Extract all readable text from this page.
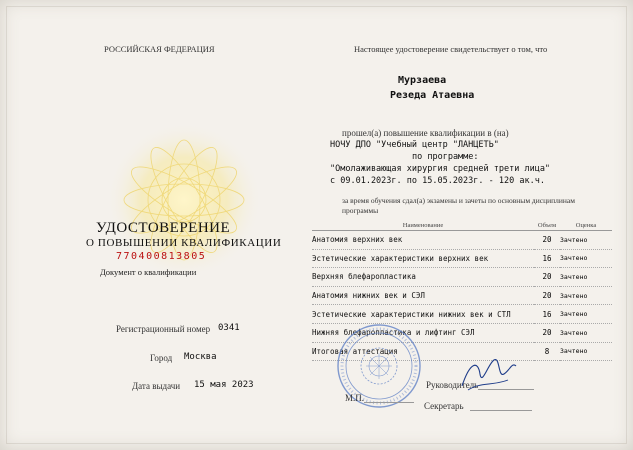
РОССИЙСКАЯ ФЕДЕРАЦИЯ
УДОСТОВЕРЕНИЕ
О ПОВЫШЕНИИ КВАЛИФИКАЦИИ
770400813805
Документ о квалификации
Регистрационный номер 0341
Город Москва
Дата выдачи 15 мая 2023
Настоящее удостоверение свидетельствует о том, что
Мурзаева
Резеда Атаевна
прошел(а) повышение квалификации в (на)
НОЧУ ДПО "Учебный центр "ЛАНЦЕТЬ"
по программе:
"Омолаживающая хирургия средней трети лица"
с 09.01.2023г. по 15.05.2023г. - 120 ак.ч.
за время обучения сдал(а) экзамены и зачеты по основным дисциплинам
программы
Наименование	Объем	Оценка
Анатомия верхних век	20	Зачтено
Эстетические характеристики верхних век	16	Зачтено
Верхняя блефаропластика	20	Зачтено
Анатомия нижних век и СЭЛ	20	Зачтено
Эстетические характеристики нижних век и СТЛ	16	Зачтено
Нижняя блефаропластика и лифтинг СЭЛ	20	Зачтено
Итоговая аттестация	8	Зачтено
М.П.
Руководитель
Секретарь
